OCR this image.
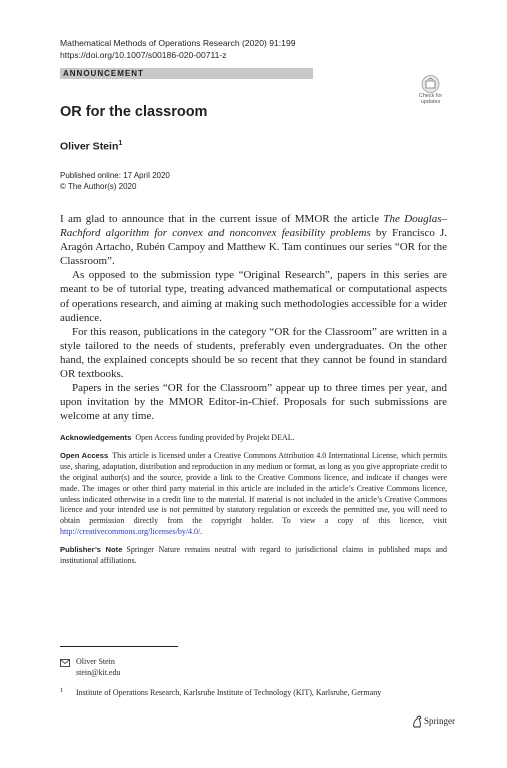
Mathematical Methods of Operations Research (2020) 91:199
https://doi.org/10.1007/s00186-020-00711-z
ANNOUNCEMENT
Check for
updates
OR for the classroom
Oliver Stein$^1$
Published online: 17 April 2020
© The Author(s) 2020

I am glad to announce that in the current issue of MMOR the article The Douglas–Rachford algorithm for convex and nonconvex feasibility problems by Francisco J. Aragón Artacho, Rubén Campoy and Matthew K. Tam continues our series “OR for the Classroom”.

As opposed to the submission type “Original Research”, papers in this series are meant to be of tutorial type, treating advanced mathematical or computational aspects of operations research, and aiming at making such methodologies accessible for a wider audience.

For this reason, publications in the category “OR for the Classroom” are written in a style tailored to the needs of students, preferably even undergraduates. On the other hand, the explained concepts should be so recent that they cannot be found in standard OR textbooks.

Papers in the series “OR for the Classroom” appear up to three times per year, and upon invitation by the MMOR Editor-in-Chief. Proposals for such submissions are welcome at any time.

Acknowledgements Open Access funding provided by Projekt DEAL.

Open Access This article is licensed under a Creative Commons Attribution 4.0 International License, which permits use, sharing, adaptation, distribution and reproduction in any medium or format, as long as you give appropriate credit to the original author(s) and the source, provide a link to the Creative Commons licence, and indicate if changes were made. The images or other third party material in this article are included in the article’s Creative Commons licence, unless indicated otherwise in a credit line to the material. If material is not included in the article’s Creative Commons licence and your intended use is not permitted by statutory regulation or exceeds the permitted use, you will need to obtain permission directly from the copyright holder. To view a copy of this licence, visit http://creativecommons.org/licenses/by/4.0/.

Publisher’s Note Springer Nature remains neutral with regard to jurisdictional claims in published maps and institutional affiliations.

Oliver Stein
stein@kit.edu
1 Institute of Operations Research, Karlsruhe Institute of Technology (KIT), Karlsruhe, Germany
Springer
